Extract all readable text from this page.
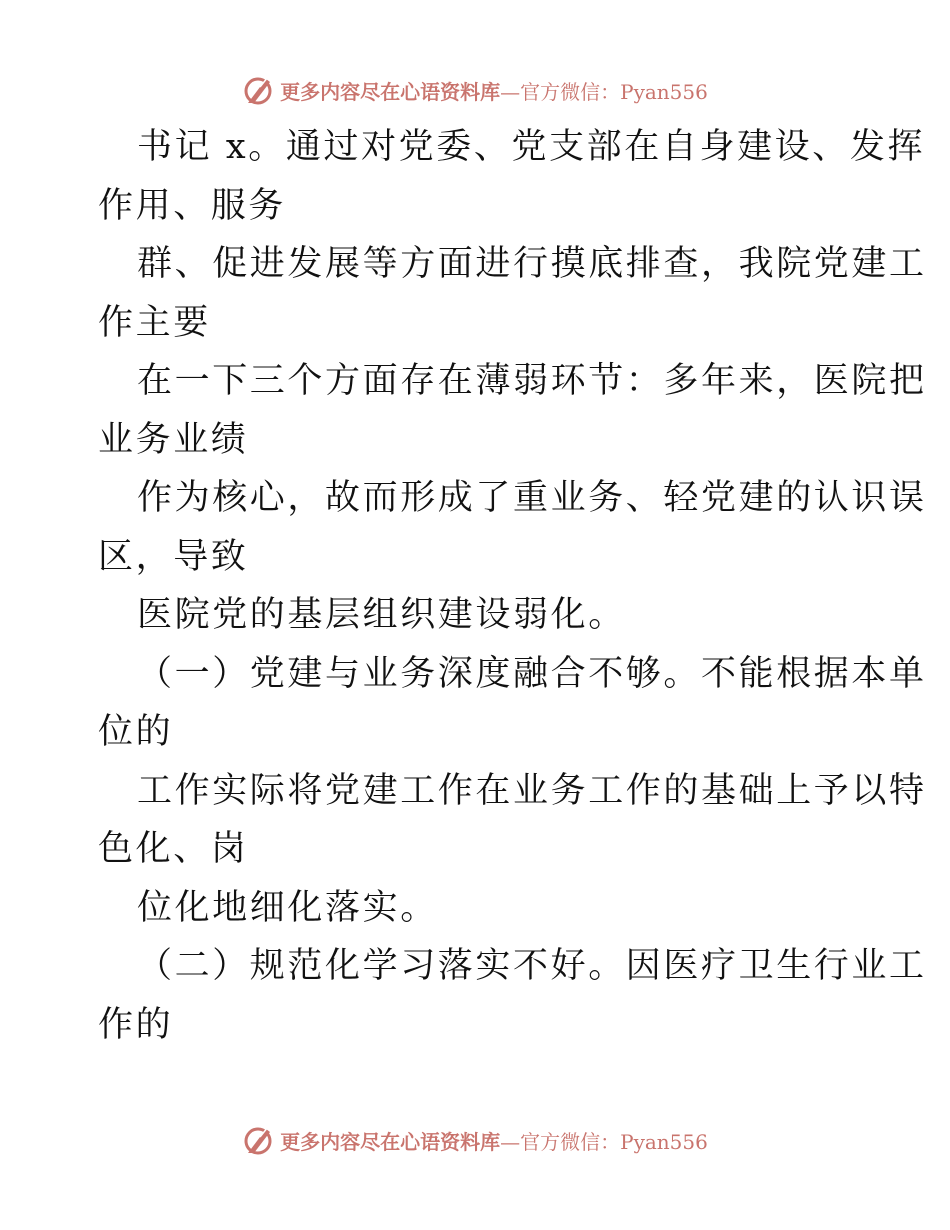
更多内容尽在心语资料库—官方微信：Pyan556
书记 x。通过对党委、党支部在自身建设、发挥
作用、服务
群、促进发展等方面进行摸底排查，我院党建工
作主要
在一下三个方面存在薄弱环节：多年来，医院把
业务业绩
作为核心，故而形成了重业务、轻党建的认识误
区，导致
医院党的基层组织建设弱化。
（一）党建与业务深度融合不够。不能根据本单
位的
工作实际将党建工作在业务工作的基础上予以特
色化、岗
位化地细化落实。
（二）规范化学习落实不好。因医疗卫生行业工
作的
更多内容尽在心语资料库—官方微信：Pyan556
